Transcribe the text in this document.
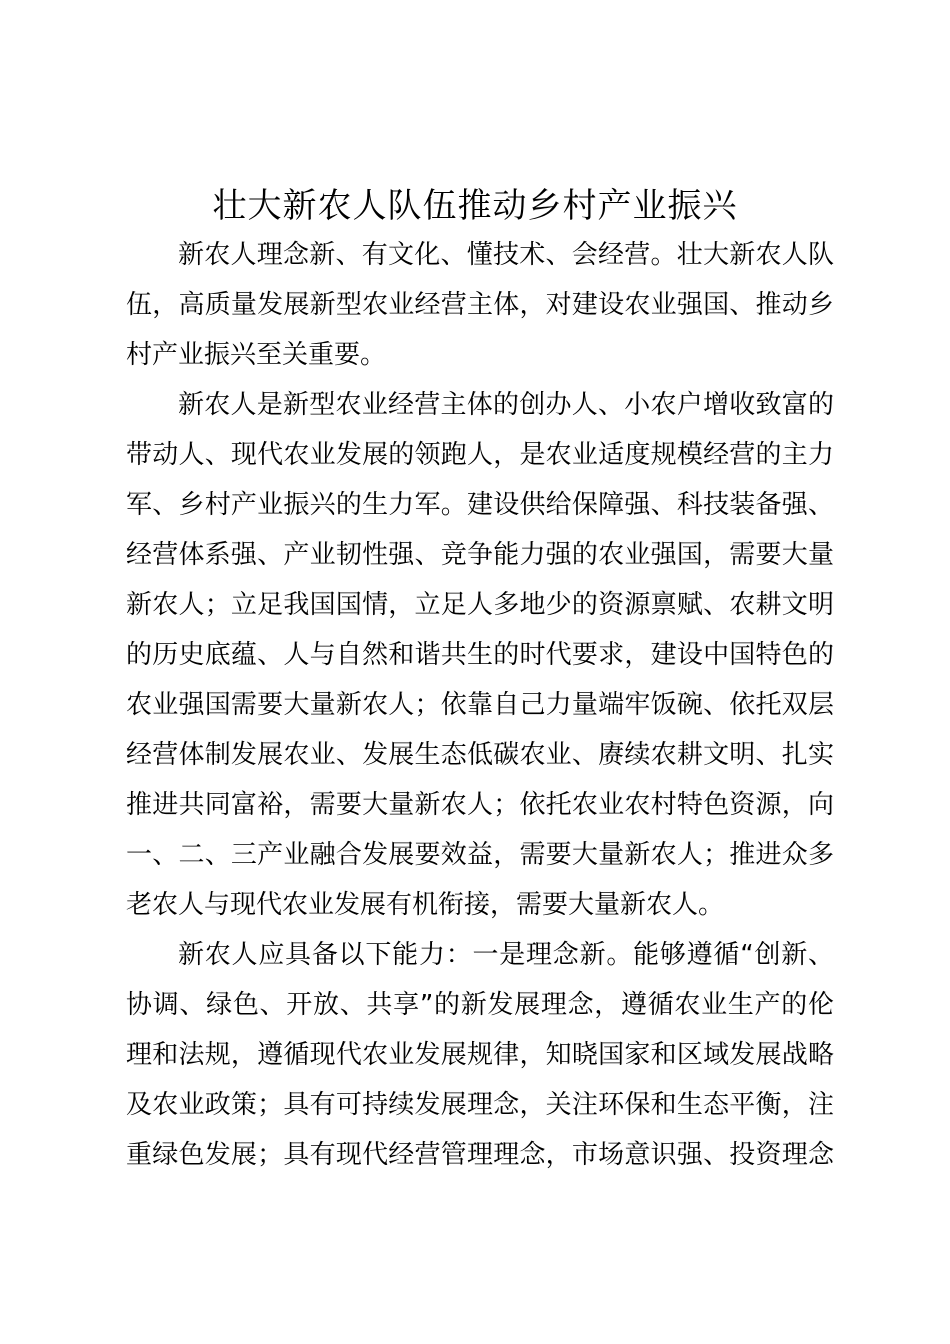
壮大新农人队伍推动乡村产业振兴

新农人理念新、有文化、懂技术、会经营。壮大新农人队

伍，高质量发展新型农业经营主体，对建设农业强国、推动乡

村产业振兴至关重要。

新农人是新型农业经营主体的创办人、小农户增收致富的

带动人、现代农业发展的领跑人，是农业适度规模经营的主力

军、乡村产业振兴的生力军。建设供给保障强、科技装备强、

经营体系强、产业韧性强、竞争能力强的农业强国，需要大量

新农人；立足我国国情，立足人多地少的资源禀赋、农耕文明

的历史底蕴、人与自然和谐共生的时代要求，建设中国特色的

农业强国需要大量新农人；依靠自己力量端牢饭碗、依托双层

经营体制发展农业、发展生态低碳农业、赓续农耕文明、扎实

推进共同富裕，需要大量新农人；依托农业农村特色资源，向

一、二、三产业融合发展要效益，需要大量新农人；推进众多

老农人与现代农业发展有机衔接，需要大量新农人。

新农人应具备以下能力：一是理念新。能够遵循“创新、

协调、绿色、开放、共享”的新发展理念，遵循农业生产的伦

理和法规，遵循现代农业发展规律，知晓国家和区域发展战略

及农业政策；具有可持续发展理念，关注环保和生态平衡，注

重绿色发展；具有现代经营管理理念，市场意识强、投资理念
